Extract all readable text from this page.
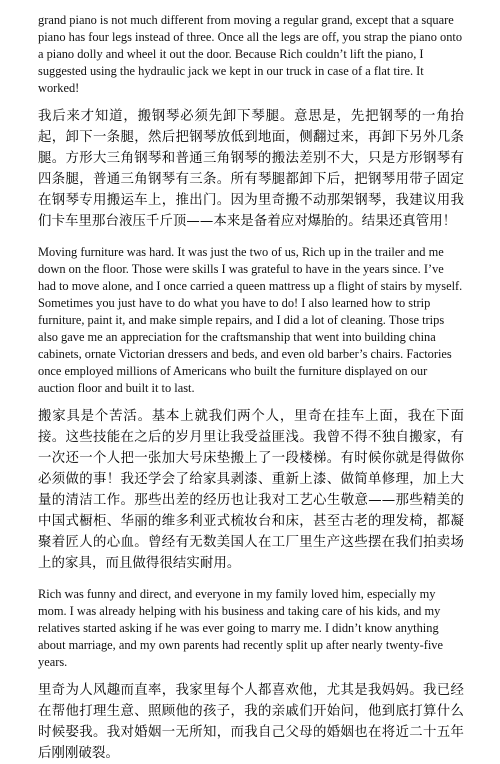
grand piano is not much different from moving a regular grand, except that a square piano has four legs instead of three. Once all the legs are off, you strap the piano onto a piano dolly and wheel it out the door. Because Rich couldn’t lift the piano, I suggested using the hydraulic jack we kept in our truck in case of a flat tire. It worked!

我后来才知道，搬钢琴必须先卸下琴腿。意思是，先把钢琴的一角抬起，卸下一条腿，然后把钢琴放低到地面，侧翻过来，再卸下另外几条腿。方形大三角钢琴和普通三角钢琴的搬法差别不大，只是方形钢琴有四条腿，普通三角钢琴有三条。所有琴腿都卸下后，把钢琴用带子固定在钢琴专用搬运车上，推出门。因为里奇搬不动那架钢琴，我建议用我们卡车里那台液压千斤顶——本来是备着应对爆胎的。结果还真管用！

Moving furniture was hard. It was just the two of us, Rich up in the trailer and me down on the floor. Those were skills I was grateful to have in the years since. I’ve had to move alone, and I once carried a queen mattress up a flight of stairs by myself. Sometimes you just have to do what you have to do! I also learned how to strip furniture, paint it, and make simple repairs, and I did a lot of cleaning. Those trips also gave me an appreciation for the craftsmanship that went into building china cabinets, ornate Victorian dressers and beds, and even old barber’s chairs. Factories once employed millions of Americans who built the furniture displayed on our auction floor and built it to last.

搬家具是个苦活。基本上就我们两个人，里奇在挂车上面，我在下面接。这些技能在之后的岁月里让我受益匪浅。我曾不得不独自搬家，有一次还一个人把一张加大号床垫搬上了一段楼梯。有时候你就是得做你必须做的事！我还学会了给家具剥漆、重新上漆、做简单修理，加上大量的清洁工作。那些出差的经历也让我对工艺心生敬意——那些精美的中国式橱柜、华丽的维多利亚式梳妆台和床，甚至古老的理发椅，都凝聚着匠人的心血。曾经有无数美国人在工厂里生产这些摆在我们拍卖场上的家具，而且做得很结实耐用。

Rich was funny and direct, and everyone in my family loved him, especially my mom. I was already helping with his business and taking care of his kids, and my relatives started asking if he was ever going to marry me. I didn’t know anything about marriage, and my own parents had recently split up after nearly twenty-five years.

里奇为人风趣而直率，我家里每个人都喜欢他，尤其是我妈妈。我已经在帮他打理生意、照顾他的孩子，我的亲戚们开始问，他到底打算什么时候娶我。我对婚姻一无所知，而我自己父母的婚姻也在将近二十五年后刚刚破裂。
